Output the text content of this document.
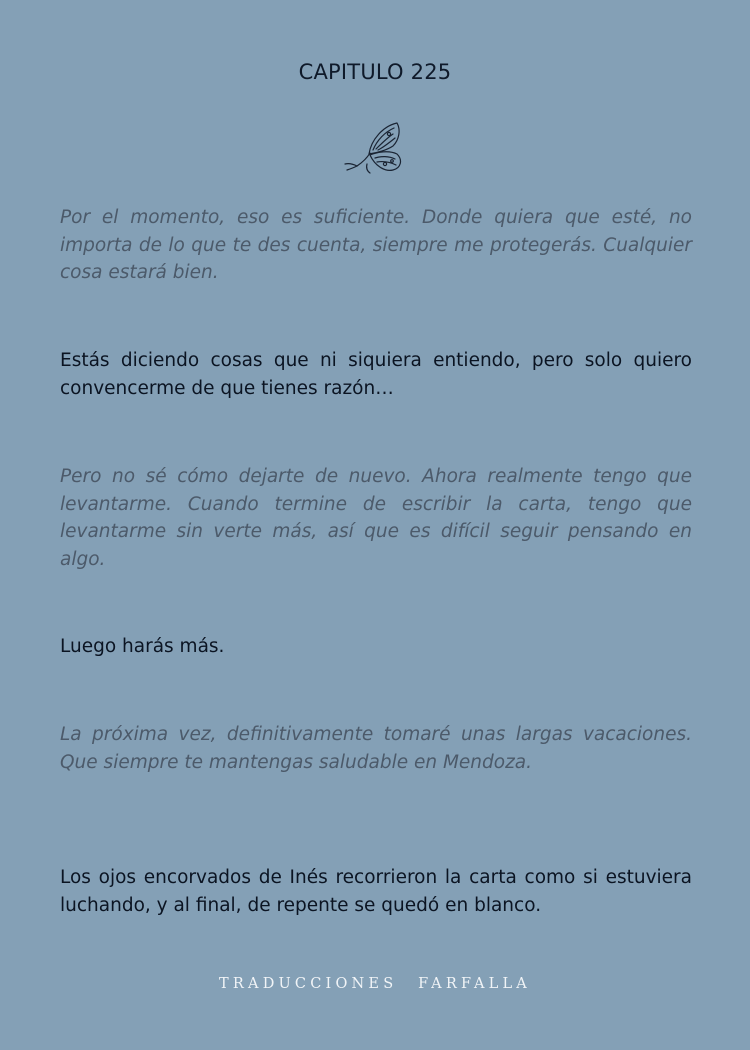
CAPITULO 225

Por el momento, eso es suficiente. Donde quiera que esté, no importa de lo que te des cuenta, siempre me protegerás. Cualquier cosa estará bien.

Estás diciendo cosas que ni siquiera entiendo, pero solo quiero convencerme de que tienes razón…

Pero no sé cómo dejarte de nuevo. Ahora realmente tengo que levantarme. Cuando termine de escribir la carta, tengo que levantarme sin verte más, así que es difícil seguir pensando en algo.

Luego harás más.

La próxima vez, definitivamente tomaré unas largas vacaciones. Que siempre te mantengas saludable en Mendoza.

Los ojos encorvados de Inés recorrieron la carta como si estuviera luchando, y al final, de repente se quedó en blanco.

TRADUCCIONES FARFALLA
